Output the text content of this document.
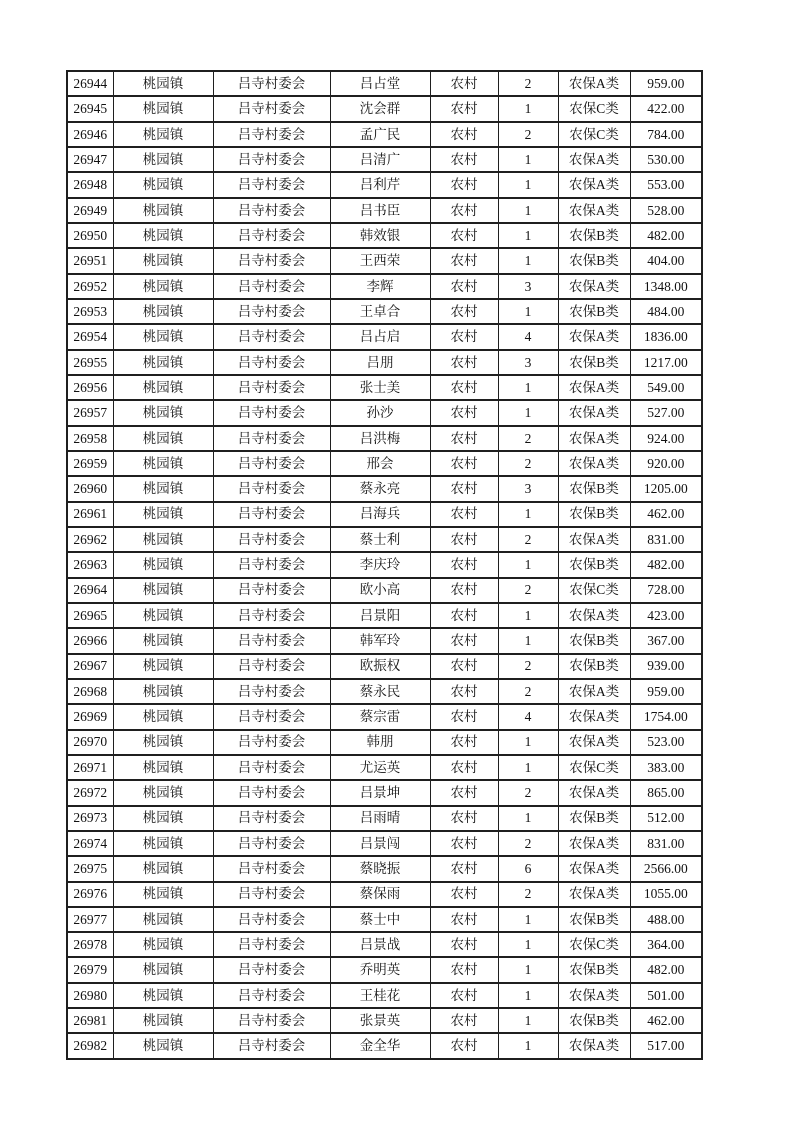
26944	桃园镇	吕寺村委会	吕占堂	农村	2	农保A类	959.00
26945	桃园镇	吕寺村委会	沈会群	农村	1	农保C类	422.00
26946	桃园镇	吕寺村委会	孟广民	农村	2	农保C类	784.00
26947	桃园镇	吕寺村委会	吕清广	农村	1	农保A类	530.00
26948	桃园镇	吕寺村委会	吕利芹	农村	1	农保A类	553.00
26949	桃园镇	吕寺村委会	吕书臣	农村	1	农保A类	528.00
26950	桃园镇	吕寺村委会	韩效银	农村	1	农保B类	482.00
26951	桃园镇	吕寺村委会	王西荣	农村	1	农保B类	404.00
26952	桃园镇	吕寺村委会	李辉	农村	3	农保A类	1348.00
26953	桃园镇	吕寺村委会	王卓合	农村	1	农保B类	484.00
26954	桃园镇	吕寺村委会	吕占启	农村	4	农保A类	1836.00
26955	桃园镇	吕寺村委会	吕朋	农村	3	农保B类	1217.00
26956	桃园镇	吕寺村委会	张士美	农村	1	农保A类	549.00
26957	桃园镇	吕寺村委会	孙沙	农村	1	农保A类	527.00
26958	桃园镇	吕寺村委会	吕洪梅	农村	2	农保A类	924.00
26959	桃园镇	吕寺村委会	邢会	农村	2	农保A类	920.00
26960	桃园镇	吕寺村委会	蔡永亮	农村	3	农保B类	1205.00
26961	桃园镇	吕寺村委会	吕海兵	农村	1	农保B类	462.00
26962	桃园镇	吕寺村委会	蔡士利	农村	2	农保A类	831.00
26963	桃园镇	吕寺村委会	李庆玲	农村	1	农保B类	482.00
26964	桃园镇	吕寺村委会	欧小高	农村	2	农保C类	728.00
26965	桃园镇	吕寺村委会	吕景阳	农村	1	农保A类	423.00
26966	桃园镇	吕寺村委会	韩军玲	农村	1	农保B类	367.00
26967	桃园镇	吕寺村委会	欧振权	农村	2	农保B类	939.00
26968	桃园镇	吕寺村委会	蔡永民	农村	2	农保A类	959.00
26969	桃园镇	吕寺村委会	蔡宗雷	农村	4	农保A类	1754.00
26970	桃园镇	吕寺村委会	韩朋	农村	1	农保A类	523.00
26971	桃园镇	吕寺村委会	尤运英	农村	1	农保C类	383.00
26972	桃园镇	吕寺村委会	吕景坤	农村	2	农保A类	865.00
26973	桃园镇	吕寺村委会	吕雨晴	农村	1	农保B类	512.00
26974	桃园镇	吕寺村委会	吕景闯	农村	2	农保A类	831.00
26975	桃园镇	吕寺村委会	蔡晓振	农村	6	农保A类	2566.00
26976	桃园镇	吕寺村委会	蔡保雨	农村	2	农保A类	1055.00
26977	桃园镇	吕寺村委会	蔡士中	农村	1	农保B类	488.00
26978	桃园镇	吕寺村委会	吕景战	农村	1	农保C类	364.00
26979	桃园镇	吕寺村委会	乔明英	农村	1	农保B类	482.00
26980	桃园镇	吕寺村委会	王桂花	农村	1	农保A类	501.00
26981	桃园镇	吕寺村委会	张景英	农村	1	农保B类	462.00
26982	桃园镇	吕寺村委会	金全华	农村	1	农保A类	517.00
